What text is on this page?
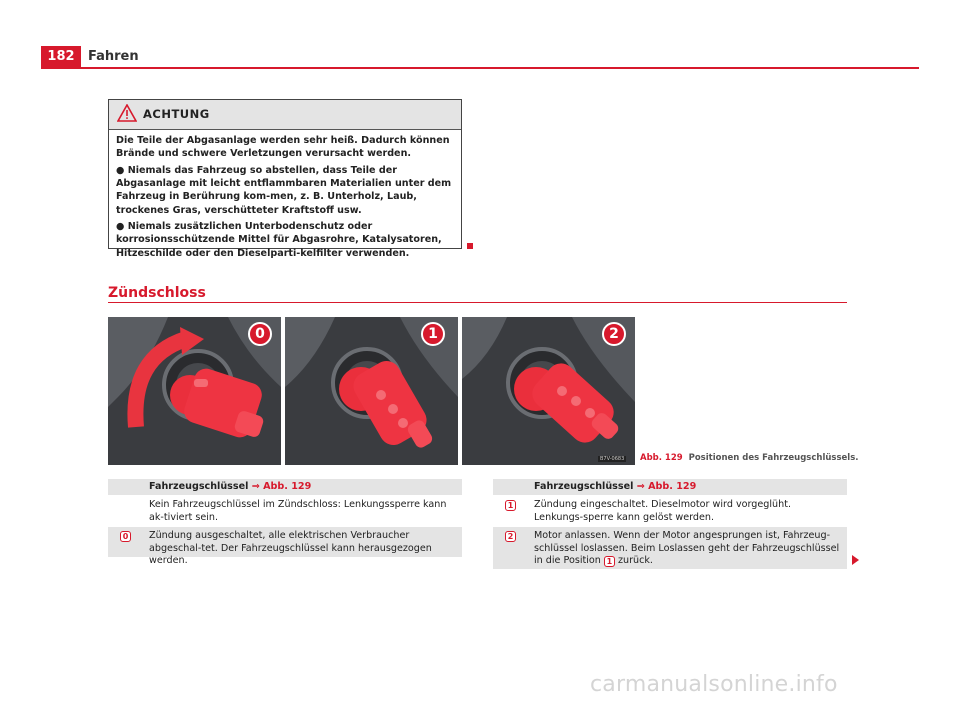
182	Fahren
ACHTUNG

Die Teile der Abgasanlage werden sehr heiß. Dadurch können Brände und schwere Verletzungen verursacht werden.

● Niemals das Fahrzeug so abstellen, dass Teile der Abgasanlage mit leicht entflammbaren Materialien unter dem Fahrzeug in Berührung kom-men, z. B. Unterholz, Laub, trockenes Gras, verschütteter Kraftstoff usw.

● Niemals zusätzlichen Unterbodenschutz oder korrosionsschützende Mittel für Abgasrohre, Katalysatoren, Hitzeschilde oder den Dieselparti-kelfilter verwenden.

Zündschloss
0	1	2
B7V-0683 Abb. 129 Positionen des Fahrzeugschlüssels.
Fahrzeugschlüssel ⇒ Abb. 129
Kein Fahrzeugschlüssel im Zündschloss: Lenkungssperre kann ak-tiviert sein.
0 Zündung ausgeschaltet, alle elektrischen Verbraucher abgeschal-tet. Der Fahrzeugschlüssel kann herausgezogen werden.
Fahrzeugschlüssel ⇒ Abb. 129
1 Zündung eingeschaltet. Dieselmotor wird vorgeglüht. Lenkungs-sperre kann gelöst werden.
2 Motor anlassen. Wenn der Motor angesprungen ist, Fahrzeug-schlüssel loslassen. Beim Loslassen geht der Fahrzeugschlüssel in die Position 1 zurück.
carmanualsonline.info
